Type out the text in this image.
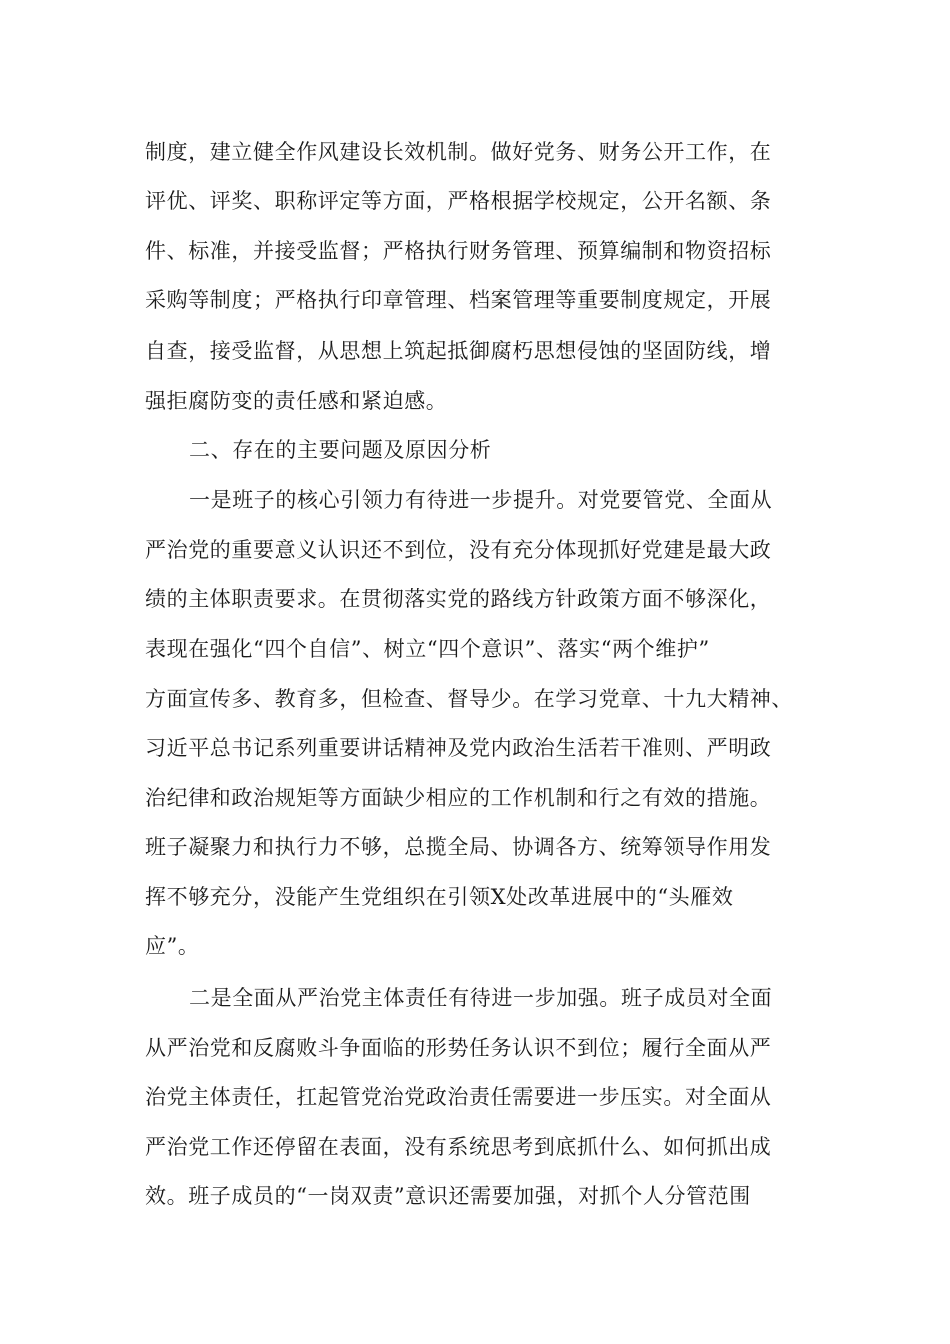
制度，建立健全作风建设长效机制。做好党务、财务公开工作，在
评优、评奖、职称评定等方面，严格根据学校规定，公开名额、条
件、标准，并接受监督；严格执行财务管理、预算编制和物资招标
采购等制度；严格执行印章管理、档案管理等重要制度规定，开展
自查，接受监督，从思想上筑起抵御腐朽思想侵蚀的坚固防线，增
强拒腐防变的责任感和紧迫感。
二、存在的主要问题及原因分析
一是班子的核心引领力有待进一步提升。对党要管党、全面从
严治党的重要意义认识还不到位，没有充分体现抓好党建是最大政
绩的主体职责要求。在贯彻落实党的路线方针政策方面不够深化，
表现在强化“四个自信”、树立“四个意识”、落实“两个维护”
方面宣传多、教育多，但检查、督导少。在学习党章、十九大精神、
习近平总书记系列重要讲话精神及党内政治生活若干准则、严明政
治纪律和政治规矩等方面缺少相应的工作机制和行之有效的措施。
班子凝聚力和执行力不够，总揽全局、协调各方、统筹领导作用发
挥不够充分，没能产生党组织在引领X处改革进展中的“头雁效
应”。
二是全面从严治党主体责任有待进一步加强。班子成员对全面
从严治党和反腐败斗争面临的形势任务认识不到位；履行全面从严
治党主体责任，扛起管党治党政治责任需要进一步压实。对全面从
严治党工作还停留在表面，没有系统思考到底抓什么、如何抓出成
效。班子成员的“一岗双责”意识还需要加强，对抓个人分管范围
